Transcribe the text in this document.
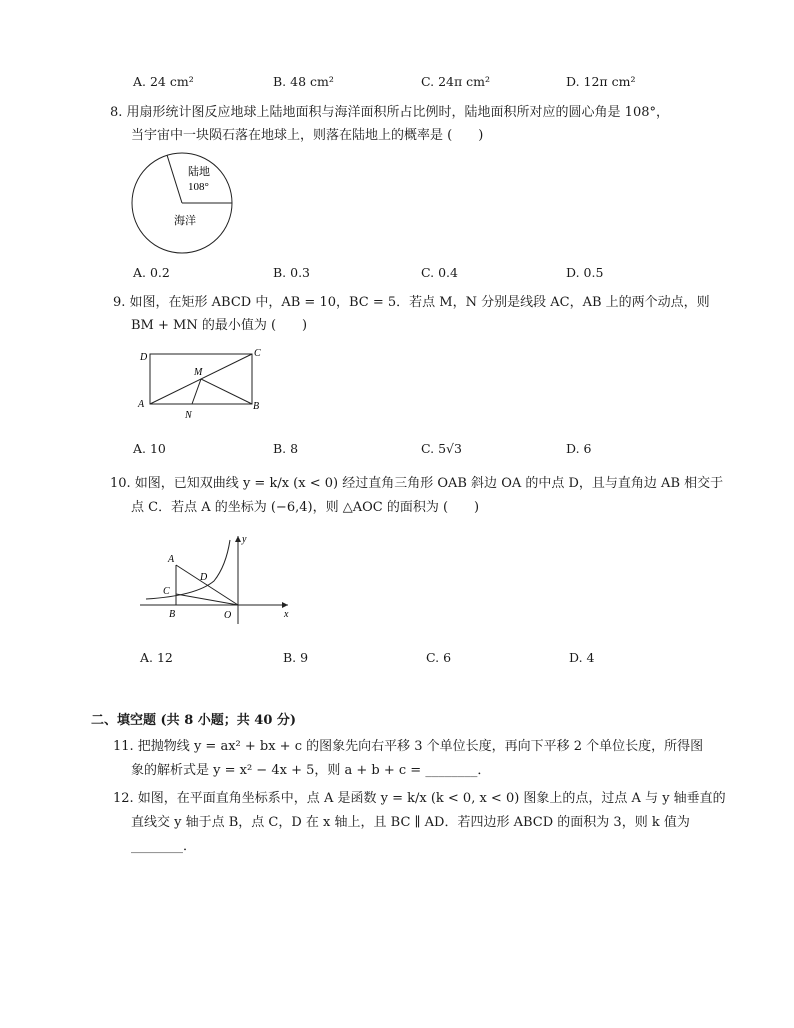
A. 24 cm²	B. 48 cm²	C. 24π cm²	D. 12π cm²
8. 用扇形统计图反应地球上陆地面积与海洋面积所占比例时，陆地面积所对应的圆心角是 108°，
当宇宙中一块陨石落在地球上，则落在陆地上的概率是 (　　)
陆地
108°
海洋
A. 0.2	B. 0.3	C. 0.4	D. 0.5
9. 如图，在矩形 ABCD 中，AB = 10，BC = 5．若点 M，N 分别是线段 AC，AB 上的两个动点，则
BM + MN 的最小值为 (　　)
D	C
M
A	B
N
A. 10	B. 8	C. 5√3	D. 6
10. 如图，已知双曲线 y = k/x (x < 0) 经过直角三角形 OAB 斜边 OA 的中点 D，且与直角边 AB 相交于
点 C．若点 A 的坐标为 (−6,4)，则 △AOC 的面积为 (　　)
A
D
C
B	O	x
y
A. 12	B. 9	C. 6	D. 4
二、填空题 (共 8 小题；共 40 分)
11. 把抛物线 y = ax² + bx + c 的图象先向右平移 3 个单位长度，再向下平移 2 个单位长度，所得图
象的解析式是 y = x² − 4x + 5，则 a + b + c = ________．
12. 如图，在平面直角坐标系中，点 A 是函数 y = k/x (k < 0, x < 0) 图象上的点，过点 A 与 y 轴垂直的
直线交 y 轴于点 B，点 C，D 在 x 轴上，且 BC ∥ AD．若四边形 ABCD 的面积为 3，则 k 值为
________．
